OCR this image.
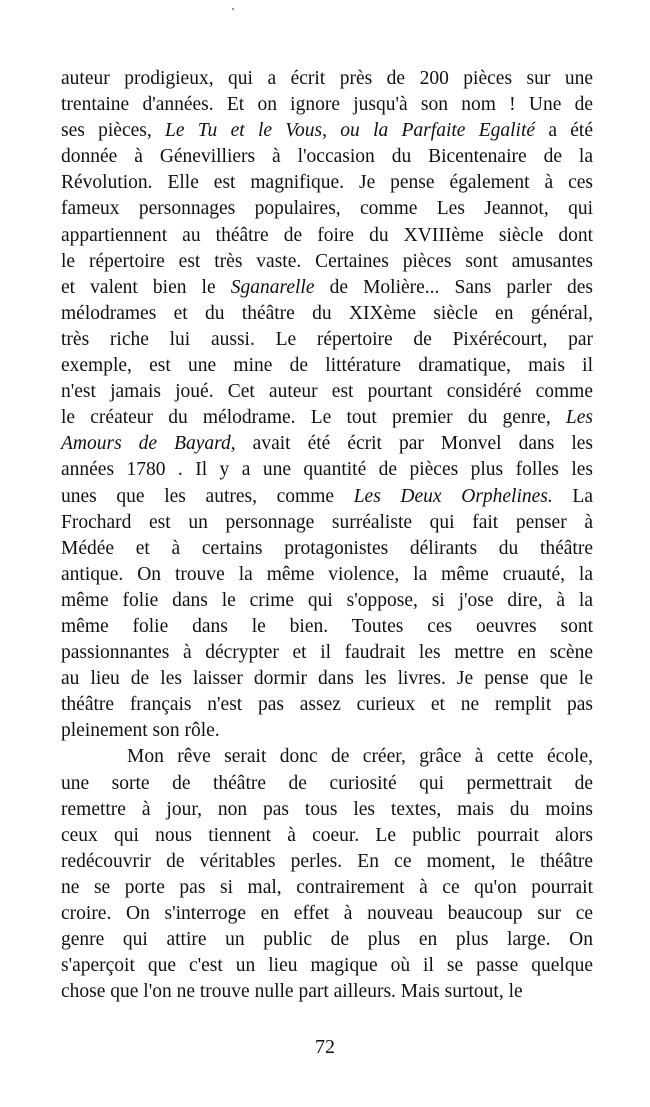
auteur prodigieux, qui a écrit près de 200 pièces sur une
trentaine d'années. Et on ignore jusqu'à son nom ! Une de
ses pièces, Le Tu et le Vous, ou la Parfaite Egalité a été
donnée à Génevilliers à l'occasion du Bicentenaire de la
Révolution. Elle est magnifique. Je pense également à ces
fameux personnages populaires, comme Les Jeannot, qui
appartiennent au théâtre de foire du XVIIIème siècle dont
le répertoire est très vaste. Certaines pièces sont amusantes
et valent bien le Sganarelle de Molière... Sans parler des
mélodrames et du théâtre du XIXème siècle en général,
très riche lui aussi. Le répertoire de Pixérécourt, par
exemple, est une mine de littérature dramatique, mais il
n'est jamais joué. Cet auteur est pourtant considéré comme
le créateur du mélodrame. Le tout premier du genre, Les
Amours de Bayard, avait été écrit par Monvel dans les
années 1780 . Il y a une quantité de pièces plus folles les
unes que les autres, comme Les Deux Orphelines. La
Frochard est un personnage surréaliste qui fait penser à
Médée et à certains protagonistes délirants du théâtre
antique. On trouve la même violence, la même cruauté, la
même folie dans le crime qui s'oppose, si j'ose dire, à la
même folie dans le bien. Toutes ces oeuvres sont
passionnantes à décrypter et il faudrait les mettre en scène
au lieu de les laisser dormir dans les livres. Je pense que le
théâtre français n'est pas assez curieux et ne remplit pas
pleinement son rôle.
Mon rêve serait donc de créer, grâce à cette école,
une sorte de théâtre de curiosité qui permettrait de
remettre à jour, non pas tous les textes, mais du moins
ceux qui nous tiennent à coeur. Le public pourrait alors
redécouvrir de véritables perles. En ce moment, le théâtre
ne se porte pas si mal, contrairement à ce qu'on pourrait
croire. On s'interroge en effet à nouveau beaucoup sur ce
genre qui attire un public de plus en plus large. On
s'aperçoit que c'est un lieu magique où il se passe quelque
chose que l'on ne trouve nulle part ailleurs. Mais surtout, le
72
